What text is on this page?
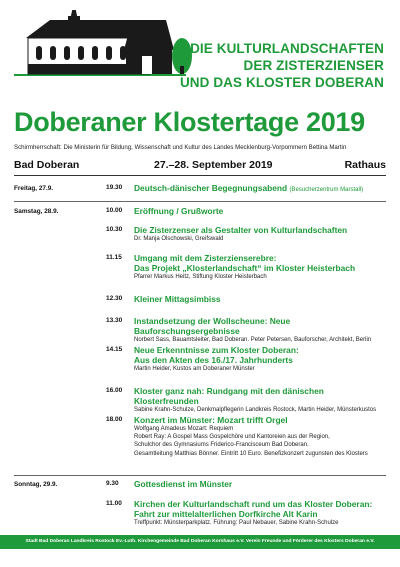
DIE KULTURLANDSCHAFTEN
DER ZISTERZIENSER
UND DAS KLOSTER DOBERAN
Doberaner Klostertage 2019
Schirmherrschaft: Die Ministerin für Bildung, Wissenschaft und Kultur des Landes Mecklenburg-Vorpommern Bettina Martin
Bad Doberan	27.–28. September 2019	Rathaus
Freitag, 27.9.	19.30 Deutsch-dänischer Begegnungsabend (Besucherzentrum Marstall)
Samstag, 28.9.	10.00 Eröffnung / Grußworte
10.30 Die Zisterzenser als Gestalter von Kulturlandschaften
Dr. Manja Olschowski, Greifswald
11.15 Umgang mit dem Zisterzienserebre:
Das Projekt „Klosterlandschaft“ im Kloster Heisterbach
Pfarrer Markus Heitz, Stiftung Kloster Heisterbach
12.30 Kleiner Mittagsimbiss
13.30 Instandsetzung der Wollscheune: Neue Bauforschungsergebnisse
Norbert Sass, Bauamtsleiter, Bad Doberan. Peter Petersen, Bauforscher, Architekt, Berlin
14.15 Neue Erkenntnisse zum Kloster Doberan:
Aus den Akten des 16./17. Jahrhunderts
Martin Heider, Kustos am Doberaner Münster
16.00 Kloster ganz nah: Rundgang mit den dänischen Klosterfreunden
Sabine Krahn-Schulze, Denkmalpflegerin Landkreis Rostock, Martin Heider, Münsterkustos
18.00 Konzert im Münster: Mozart trifft Orgel
Wolfgang Amadeus Mozart: Requiem
Robert Ray: A Gospel Mass Gospelchöre und Kantoreien aus der Region,
Schulchor des Gymnasiums Friderico-Francisceum Bad Doberan.
Gesamtleitung Matthias Bönner. Eintritt 10 Euro. Benefizkonzert zugunsten des Klosters
Sonntag, 29.9.	9.30 Gottesdienst im Münster
11.00 Kirchen der Kulturlandschaft rund um das Kloster Doberan:
Fahrt zur mittelalterlichen Dorfkirche Alt Karin
Treffpunkt: Münsterparkplatz. Führung: Paul Nebauer, Sabine Krahn-Schulze
Stadt Bad Doberan Landkreis Rostock Ev.-Luth. Kirchengemeinde Bad Doberan Kornhaus e.V. Verein Freunde und Förderer des Klosters Doberan e.V.
